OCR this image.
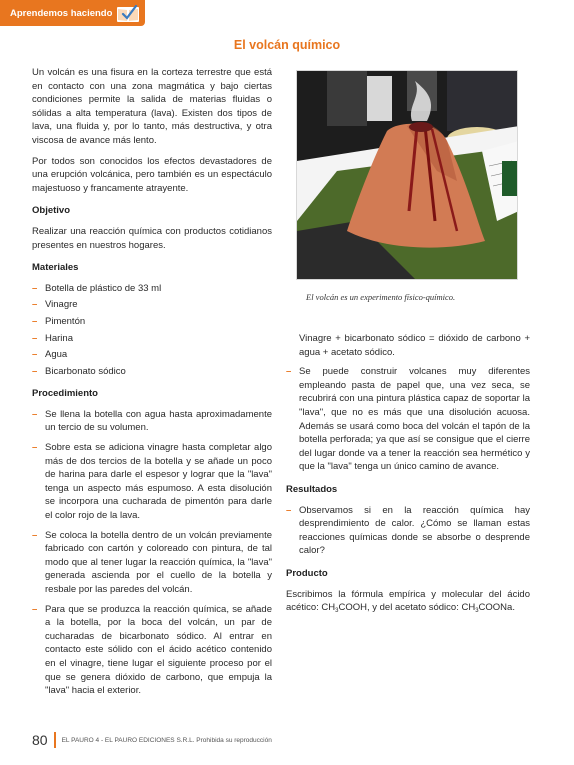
Aprendemos haciendo
El volcán químico

Un volcán es una fisura en la corteza terrestre que está en contacto con una zona magmática y bajo ciertas condiciones permite la salida de materias fluidas o sólidas a alta temperatura (lava). Existen dos tipos de lava, una fluida y, por lo tanto, más destructiva, y otra viscosa de avance más lento.

Por todos son conocidos los efectos devastadores de una erupción volcánica, pero también es un espectáculo majestuoso y francamente atrayente.

Objetivo

Realizar una reacción química con productos cotidianos presentes en nuestros hogares.

Materiales
– Botella de plástico de 33 ml
– Vinagre
– Pimentón
– Harina
– Agua
– Bicarbonato sódico
Procedimiento
– Se llena la botella con agua hasta aproximadamente un tercio de su volumen.
– Sobre esta se adiciona vinagre hasta completar algo más de dos tercios de la botella y se añade un poco de harina para darle el espesor y lograr que la "lava" tenga un aspecto más espumoso. A esta disolución se incorpora una cucharada de pimentón para darle el color rojo de la lava.
– Se coloca la botella dentro de un volcán previamente fabricado con cartón y coloreado con pintura, de tal modo que al tener lugar la reacción química, la "lava" generada ascienda por el cuello de la botella y resbale por las paredes del volcán.
– Para que se produzca la reacción química, se añade a la botella, por la boca del volcán, un par de cucharadas de bicarbonato sódico. Al entrar en contacto este sólido con el ácido acético contenido en el vinagre, tiene lugar el siguiente proceso por el que se genera dióxido de carbono, que empuja la "lava" hacia el exterior.
El volcán es un experimento físico-químico.

Vinagre + bicarbonato sódico = dióxido de carbono + agua + acetato sódico.

– Se puede construir volcanes muy diferentes empleando pasta de papel que, una vez seca, se recubrirá con una pintura plástica capaz de soportar la "lava", que no es más que una disolución acuosa. Además se usará como boca del volcán el tapón de la botella perforada; ya que así se consigue que el cierre del lugar donde va a tener la reacción sea hermético y que la "lava" tenga un único camino de avance.
Resultados
– Observamos si en la reacción química hay desprendimiento de calor. ¿Cómo se llaman estas reacciones químicas donde se absorbe o desprende calor?
Producto

Escribimos la fórmula empírica y molecular del ácido acético: $CH_3COOH$, y del acetato sódico: $CH_3COONa$.

80 EL PAURO 4 - EL PAURO EDICIONES S.R.L. Prohibida su reproducción
